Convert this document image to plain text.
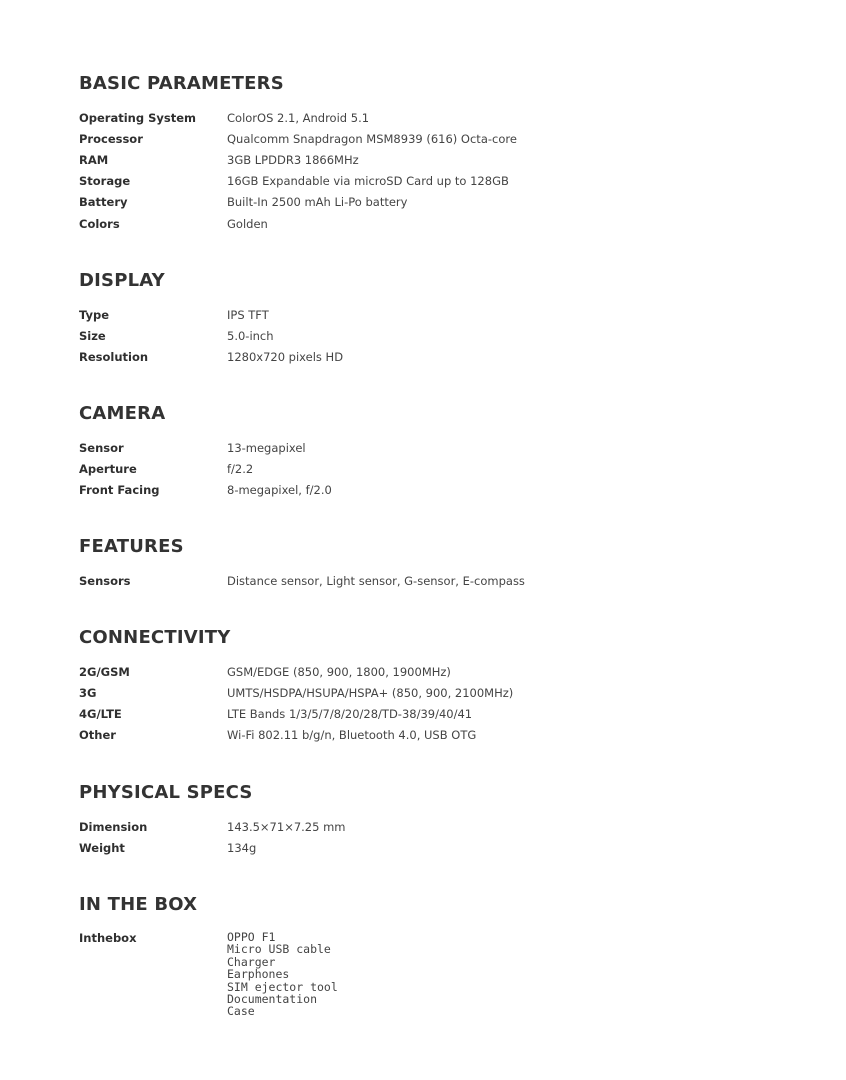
BASIC PARAMETERS
Operating System	ColorOS 2.1, Android 5.1
Processor	Qualcomm Snapdragon MSM8939 (616) Octa-core
RAM	3GB LPDDR3 1866MHz
Storage	16GB Expandable via microSD Card up to 128GB
Battery	Built-In 2500 mAh Li-Po battery
Colors	Golden
DISPLAY
Type	IPS TFT
Size	5.0-inch
Resolution	1280x720 pixels HD
CAMERA
Sensor	13-megapixel
Aperture	f/2.2
Front Facing	8-megapixel, f/2.0
FEATURES
Sensors	Distance sensor, Light sensor, G-sensor, E-compass
CONNECTIVITY
2G/GSM	GSM/EDGE (850, 900, 1800, 1900MHz)
3G	UMTS/HSDPA/HSUPA/HSPA+ (850, 900, 2100MHz)
4G/LTE	LTE Bands 1/3/5/7/8/20/28/TD-38/39/40/41
Other	Wi-Fi 802.11 b/g/n, Bluetooth 4.0, USB OTG
PHYSICAL SPECS
Dimension	143.5×71×7.25 mm
Weight	134g
IN THE BOX
Inthebox	OPPO F1
Micro USB cable
Charger
Earphones
SIM ejector tool
Documentation
Case
